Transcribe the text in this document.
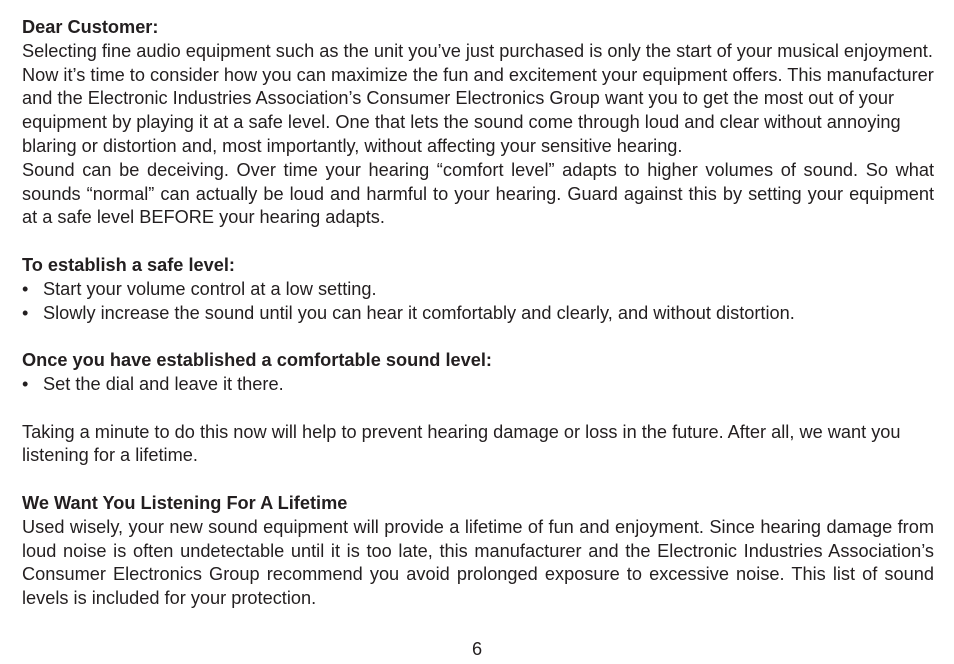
Dear Customer:

Selecting fine audio equipment such as the unit you’ve just purchased is only the start of your musical enjoyment. Now it’s time to consider how you can maximize the fun and excitement your equipment offers. This manufacturer and the Electronic Industries Association’s Consumer Electronics Group want you to get the most out of your equipment by playing it at a safe level. One that lets the sound come through loud and clear without annoying blaring or distortion and, most importantly, without affecting your sensitive hearing.

Sound can be deceiving. Over time your hearing “comfort level” adapts to higher volumes of sound. So what sounds “normal” can actually be loud and harmful to your hearing. Guard against this by setting your equipment at a safe level BEFORE your hearing adapts.

To establish a safe level:

• Start your volume control at a low setting.
• Slowly increase the sound until you can hear it comfortably and clearly, and without distortion.

Once you have established a comfortable sound level:

• Set the dial and leave it there.

Taking a minute to do this now will help to prevent hearing damage or loss in the future. After all, we want you listening for a lifetime.

We Want You Listening For A Lifetime

Used wisely, your new sound equipment will provide a lifetime of fun and enjoyment. Since hearing damage from loud noise is often undetectable until it is too late, this manufacturer and the Electronic Industries Association’s Consumer Electronics Group recommend you avoid prolonged exposure to excessive noise. This list of sound levels is included for your protection.

6
